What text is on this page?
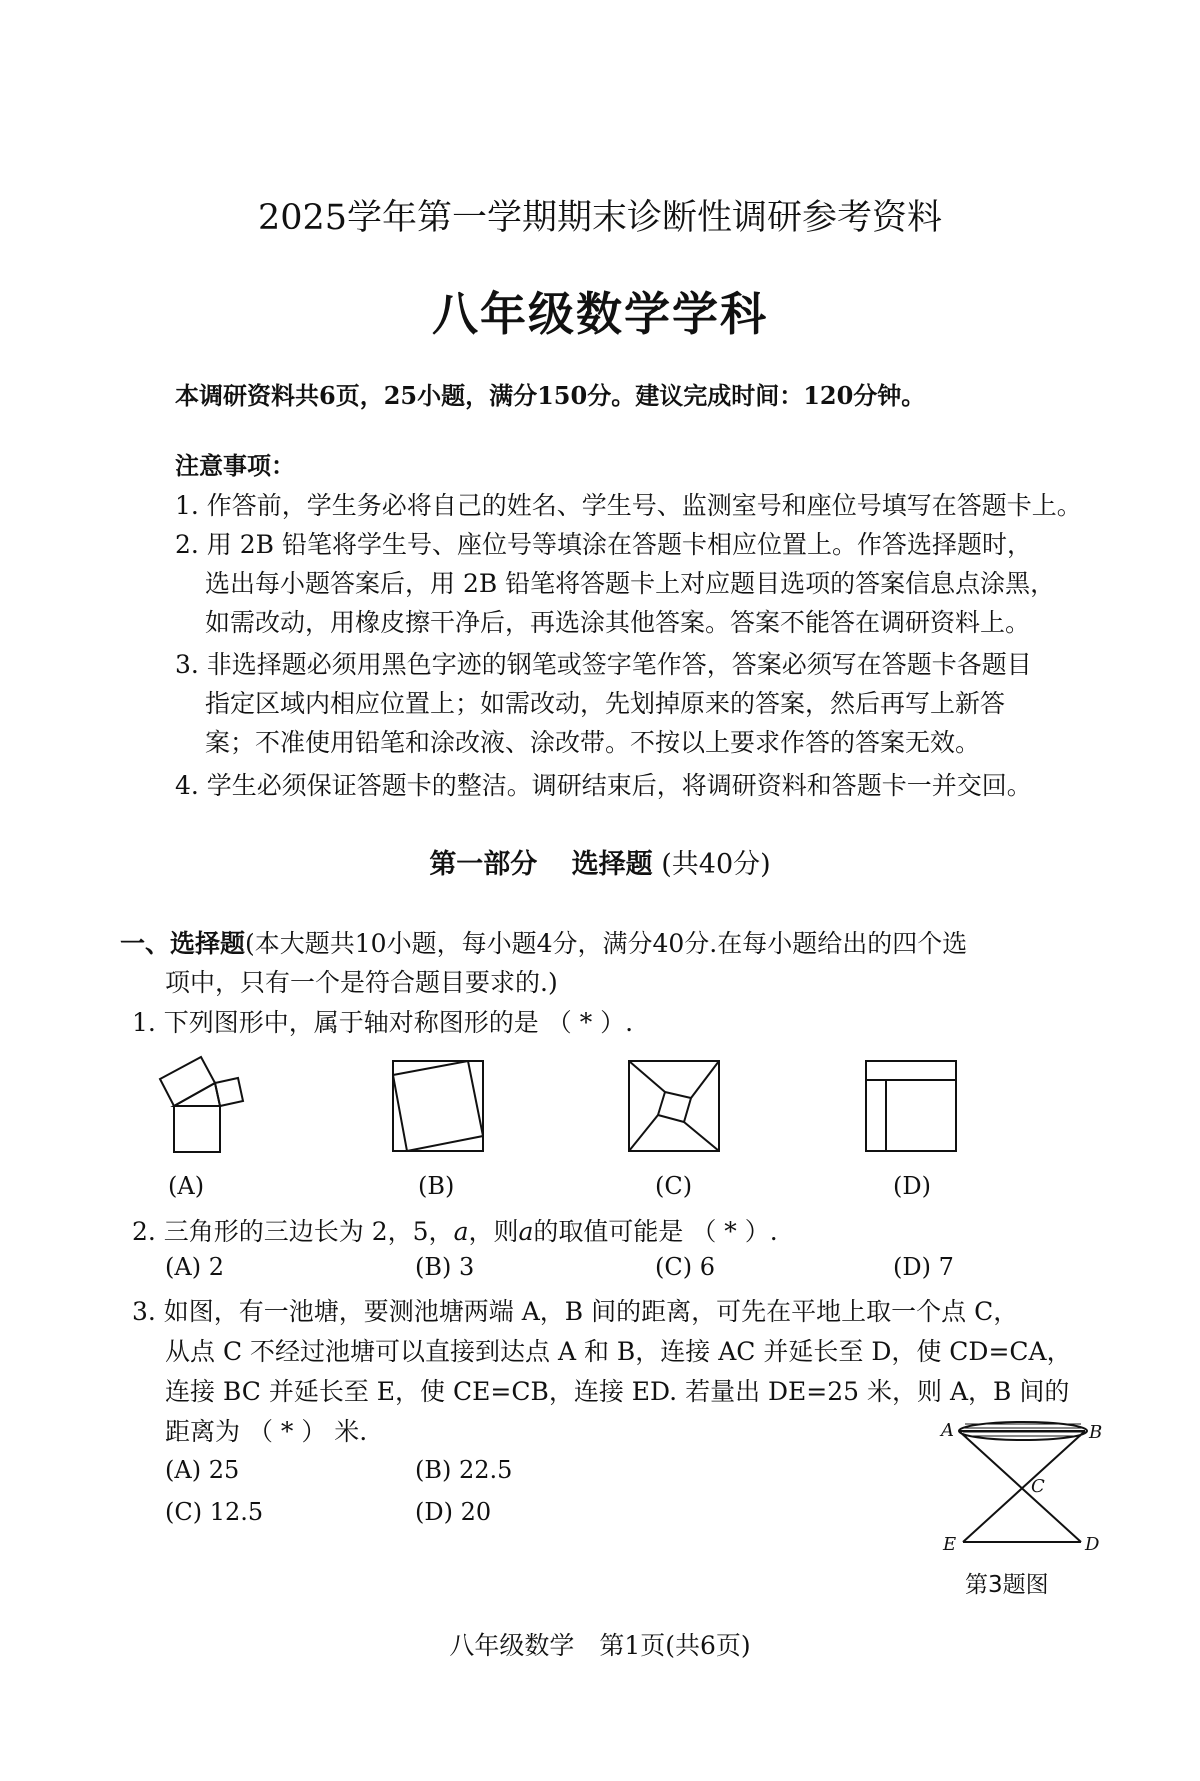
2025学年第一学期期末诊断性调研参考资料
八年级数学学科
本调研资料共6页，25小题，满分150分。建议完成时间：120分钟。
注意事项：
1. 作答前，学生务必将自己的姓名、学生号、监测室号和座位号填写在答题卡上。
2. 用 2B 铅笔将学生号、座位号等填涂在答题卡相应位置上。作答选择题时，
选出每小题答案后，用 2B 铅笔将答题卡上对应题目选项的答案信息点涂黑，
如需改动，用橡皮擦干净后，再选涂其他答案。答案不能答在调研资料上。
3. 非选择题必须用黑色字迹的钢笔或签字笔作答，答案必须写在答题卡各题目
指定区域内相应位置上；如需改动，先划掉原来的答案，然后再写上新答
案；不准使用铅笔和涂改液、涂改带。不按以上要求作答的答案无效。
4. 学生必须保证答题卡的整洁。调研结束后，将调研资料和答题卡一并交回。
第一部分 选择题 (共40分)
一、选择题(本大题共10小题，每小题4分，满分40分.在每小题给出的四个选
项中，只有一个是符合题目要求的.)
1. 下列图形中，属于轴对称图形的是 （ * ）.
(A)	(B)	(C)	(D)
2. 三角形的三边长为 2，5，a，则a的取值可能是 （ * ）.
(A) 2	(B) 3	(C) 6	(D) 7
3. 如图，有一池塘，要测池塘两端 A，B 间的距离，可先在平地上取一个点 C，
从点 C 不经过池塘可以直接到达点 A 和 B，连接 AC 并延长至 D，使 CD=CA，
连接 BC 并延长至 E，使 CE=CB，连接 ED. 若量出 DE=25 米，则 A，B 间的
距离为 （ * ） 米.
(A) 25	(B) 22.5
(C) 12.5	(D) 20
A	B
C
E	D
第3题图
八年级数学　第1页(共6页)
